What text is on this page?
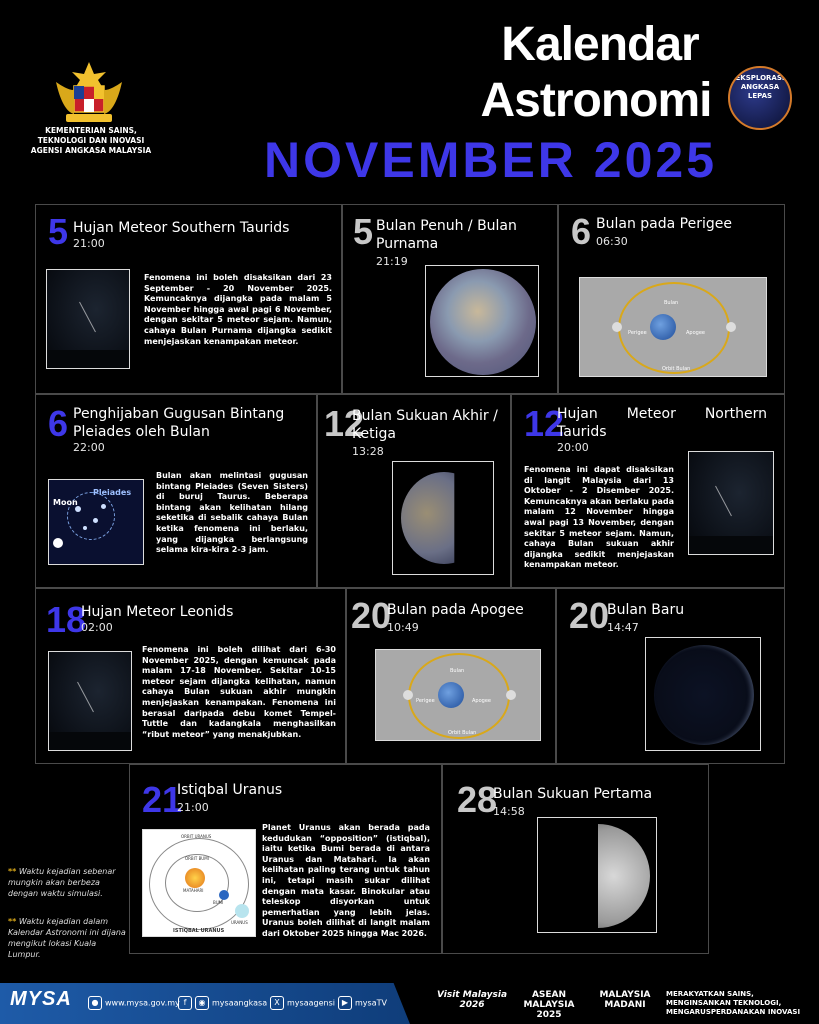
KEMENTERIAN SAINS, TEKNOLOGI DAN INOVASI AGENSI ANGKASA MALAYSIA
Kalendar
Astronomi	EKSPLORASI ANGKASA LEPAS
NOVEMBER 2025
5 Hujan Meteor Southern Taurids
21:00
Fenomena ini boleh disaksikan dari 23 September - 20 November 2025. Kemuncaknya dijangka pada malam 5 November hingga awal pagi 6 November, dengan sekitar 5 meteor sejam. Namun, cahaya Bulan Purnama dijangka sedikit menjejaskan kenampakan meteor.
5 Bulan Penuh / Bulan Purnama
21:19
6 Bulan pada Perigee
06:30
Bulan
Perigee	Apogee
Orbit Bulan
6 Penghijaban Gugusan Bintang Pleiades oleh Bulan
22:00
Pleiades
Moon
Bulan akan melintasi gugusan bintang Pleiades (Seven Sisters) di buruj Taurus. Beberapa bintang akan kelihatan hilang seketika di sebalik cahaya Bulan ketika fenomena ini berlaku, yang dijangka berlangsung selama kira-kira 2-3 jam.
12
Bulan Sukuan Akhir / Ketiga
13:28
12
Hujan Meteor Northern Taurids
20:00
Fenomena ini dapat disaksikan di langit Malaysia dari 13 Oktober - 2 Disember 2025. Kemuncaknya akan berlaku pada malam 12 November hingga awal pagi 13 November, dengan sekitar 5 meteor sejam. Namun, cahaya Bulan sukuan akhir dijangka sedikit menjejaskan kenampakan meteor.
18
Hujan Meteor Leonids
02:00
Fenomena ini boleh dilihat dari 6-30 November 2025, dengan kemuncak pada malam 17-18 November. Sekitar 10-15 meteor sejam dijangka kelihatan, namun cahaya Bulan sukuan akhir mungkin menjejaskan kenampakan. Fenomena ini berasal daripada debu komet Tempel-Tuttle dan kadangkala menghasilkan “ribut meteor” yang menakjubkan.
20
Bulan pada Apogee
10:49
Bulan
Perigee	Apogee
Orbit Bulan
20
Bulan Baru
14:47
21
Istiqbal Uranus
21:00
ORBIT URANUS
ORBIT BUMI
MATAHARI
BUMI
URANUS
ISTIQBAL URANUS
Planet Uranus akan berada pada kedudukan “opposition” (istiqbal), iaitu ketika Bumi berada di antara Uranus dan Matahari. Ia akan kelihatan paling terang untuk tahun ini, tetapi masih sukar dilihat dengan mata kasar. Binokular atau teleskop disyorkan untuk pemerhatian yang lebih jelas. Uranus boleh dilihat di langit malam dari Oktober 2025 hingga Mac 2026.
28
Bulan Sukuan Pertama
14:58
** Waktu kejadian sebenar mungkin akan berbeza dengan waktu simulasi.
** Waktu kejadian dalam Kalendar Astronomi ini dijana mengikut lokasi Kuala Lumpur.
MYSA	● www.mysa.gov.my f ◉ mysaangkasa X mysaagensi ▶ mysaTV
Visit Malaysia 2026
ASEAN MALAYSIA 2025
MALAYSIA MADANI
MERAKYATKAN SAINS, MENGINSANKAN TEKNOLOGI, MENGARUSPERDANAKAN INOVASI
